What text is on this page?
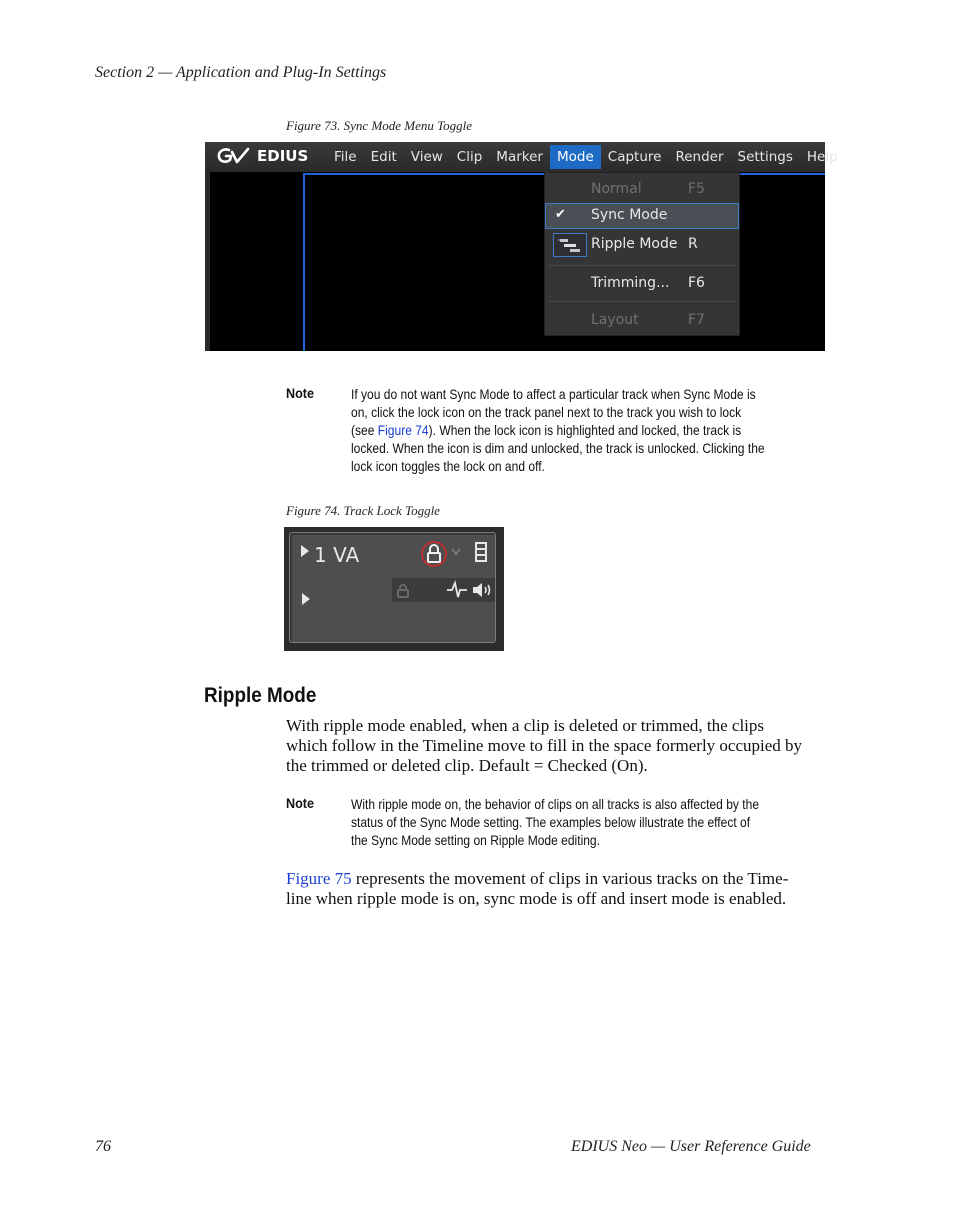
Section 2 — Application and Plug-In Settings
Figure 73. Sync Mode Menu Toggle
EDIUS	File	Edit	View	Clip	Marker	Mode	Capture	Render	Settings	Help
Normal	F5
✔ Sync Mode
Ripple Mode R
Trimming... F6
Layout	F7
Note	If you do not want Sync Mode to affect a particular track when Sync Mode is
on, click the lock icon on the track panel next to the track you wish to lock
(see Figure 74). When the lock icon is highlighted and locked, the track is
locked. When the icon is dim and unlocked, the track is unlocked. Clicking the
lock icon toggles the lock on and off.
Figure 74. Track Lock Toggle
1 VA
Ripple Mode
With ripple mode enabled, when a clip is deleted or trimmed, the clips
which follow in the Timeline move to fill in the space formerly occupied by
the trimmed or deleted clip. Default = Checked (On).
Note	With ripple mode on, the behavior of clips on all tracks is also affected by the
status of the Sync Mode setting. The examples below illustrate the effect of
the Sync Mode setting on Ripple Mode editing.
Figure 75 represents the movement of clips in various tracks on the Time-
line when ripple mode is on, sync mode is off and insert mode is enabled.
76	EDIUS Neo — User Reference Guide
